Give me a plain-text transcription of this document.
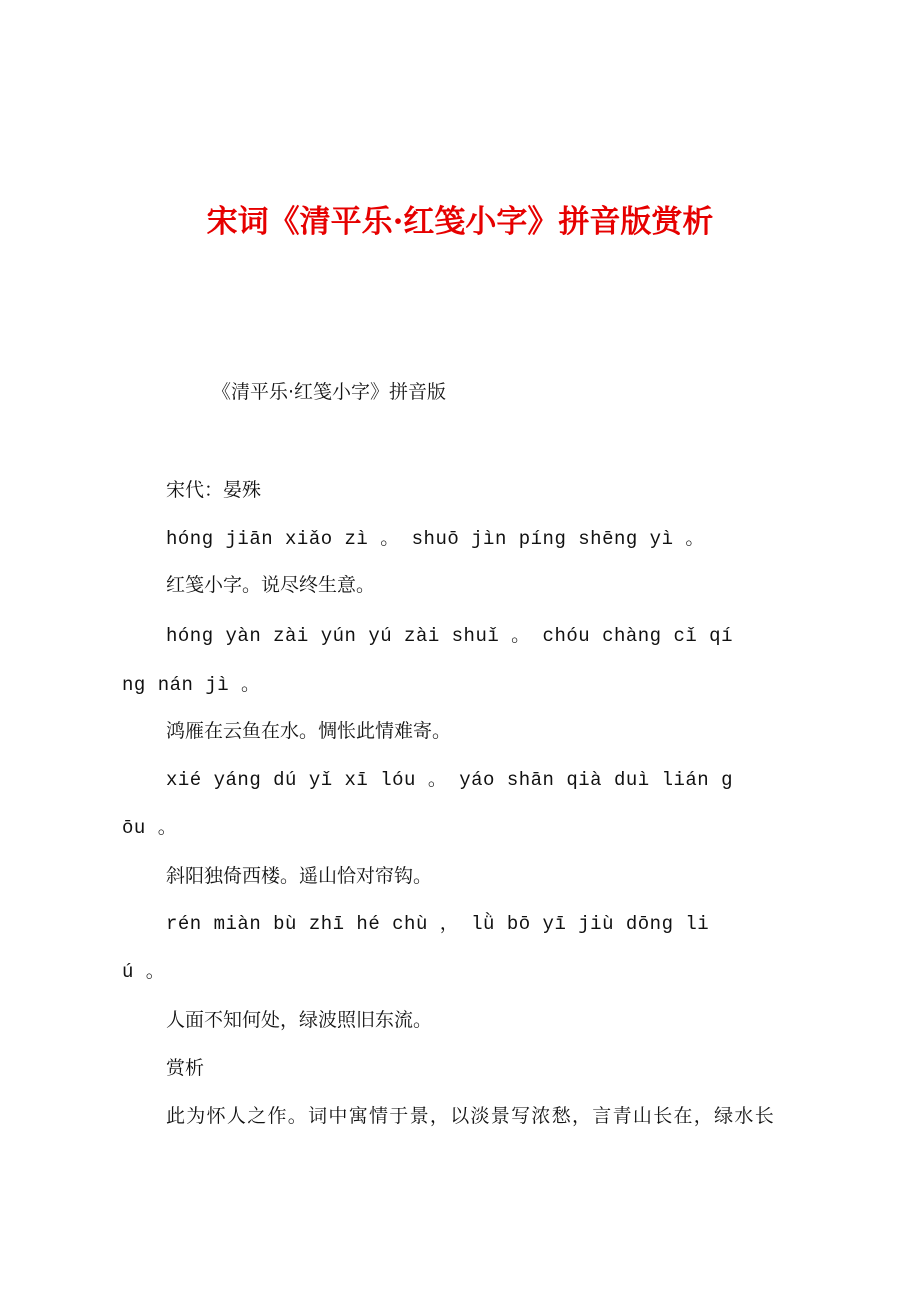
宋词《清平乐·红笺小字》拼音版赏析
《清平乐·红笺小字》拼音版
宋代：晏殊
hóng jiān xiǎo zì 。 shuō jìn píng shēng yì 。
红笺小字。说尽终生意。
hóng yàn zài yún yú zài shuǐ 。 chóu chàng cǐ qí
ng nán jì 。
鸿雁在云鱼在水。惆怅此情难寄。
xié yáng dú yǐ xī lóu 。 yáo shān qià duì lián g
ōu 。
斜阳独倚西楼。遥山恰对帘钩。
rén miàn bù zhī hé chù ， lǜ bō yī jiù dōng li
ú 。
人面不知何处，绿波照旧东流。
赏析
此为怀人之作。词中寓情于景，以淡景写浓愁，言青山长在，绿水长
